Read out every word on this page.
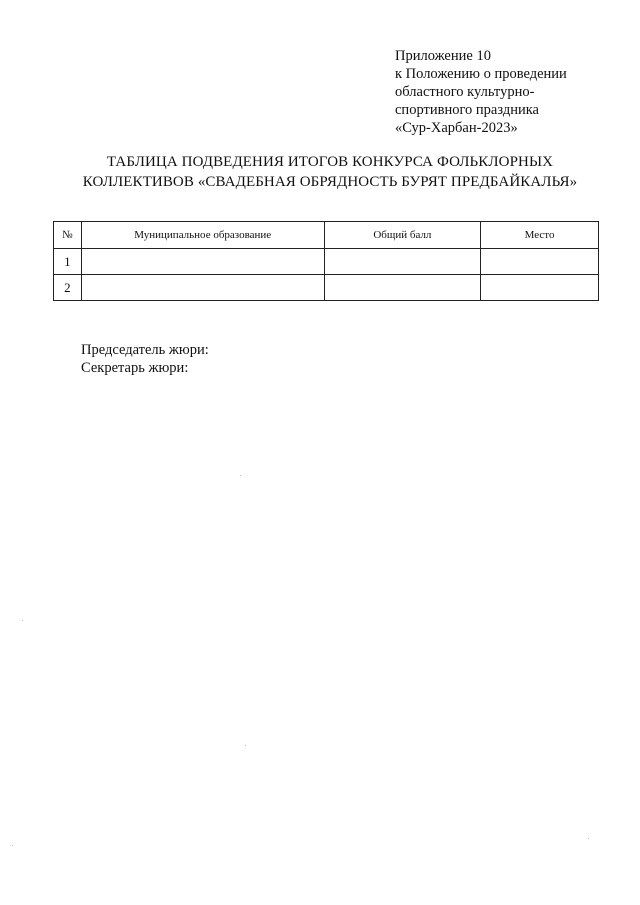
Приложение 10
к Положению о проведении
областного культурно-
спортивного праздника
«Сур-Харбан-2023»
ТАБЛИЦА ПОДВЕДЕНИЯ ИТОГОВ КОНКУРСА ФОЛЬКЛОРНЫХ
КОЛЛЕКТИВОВ «СВАДЕБНАЯ ОБРЯДНОСТЬ БУРЯТ ПРЕДБАЙКАЛЬЯ»
№	Муниципальное образование	Общий балл	Место
1			
2			
Председатель жюри:
Секретарь жюри:
